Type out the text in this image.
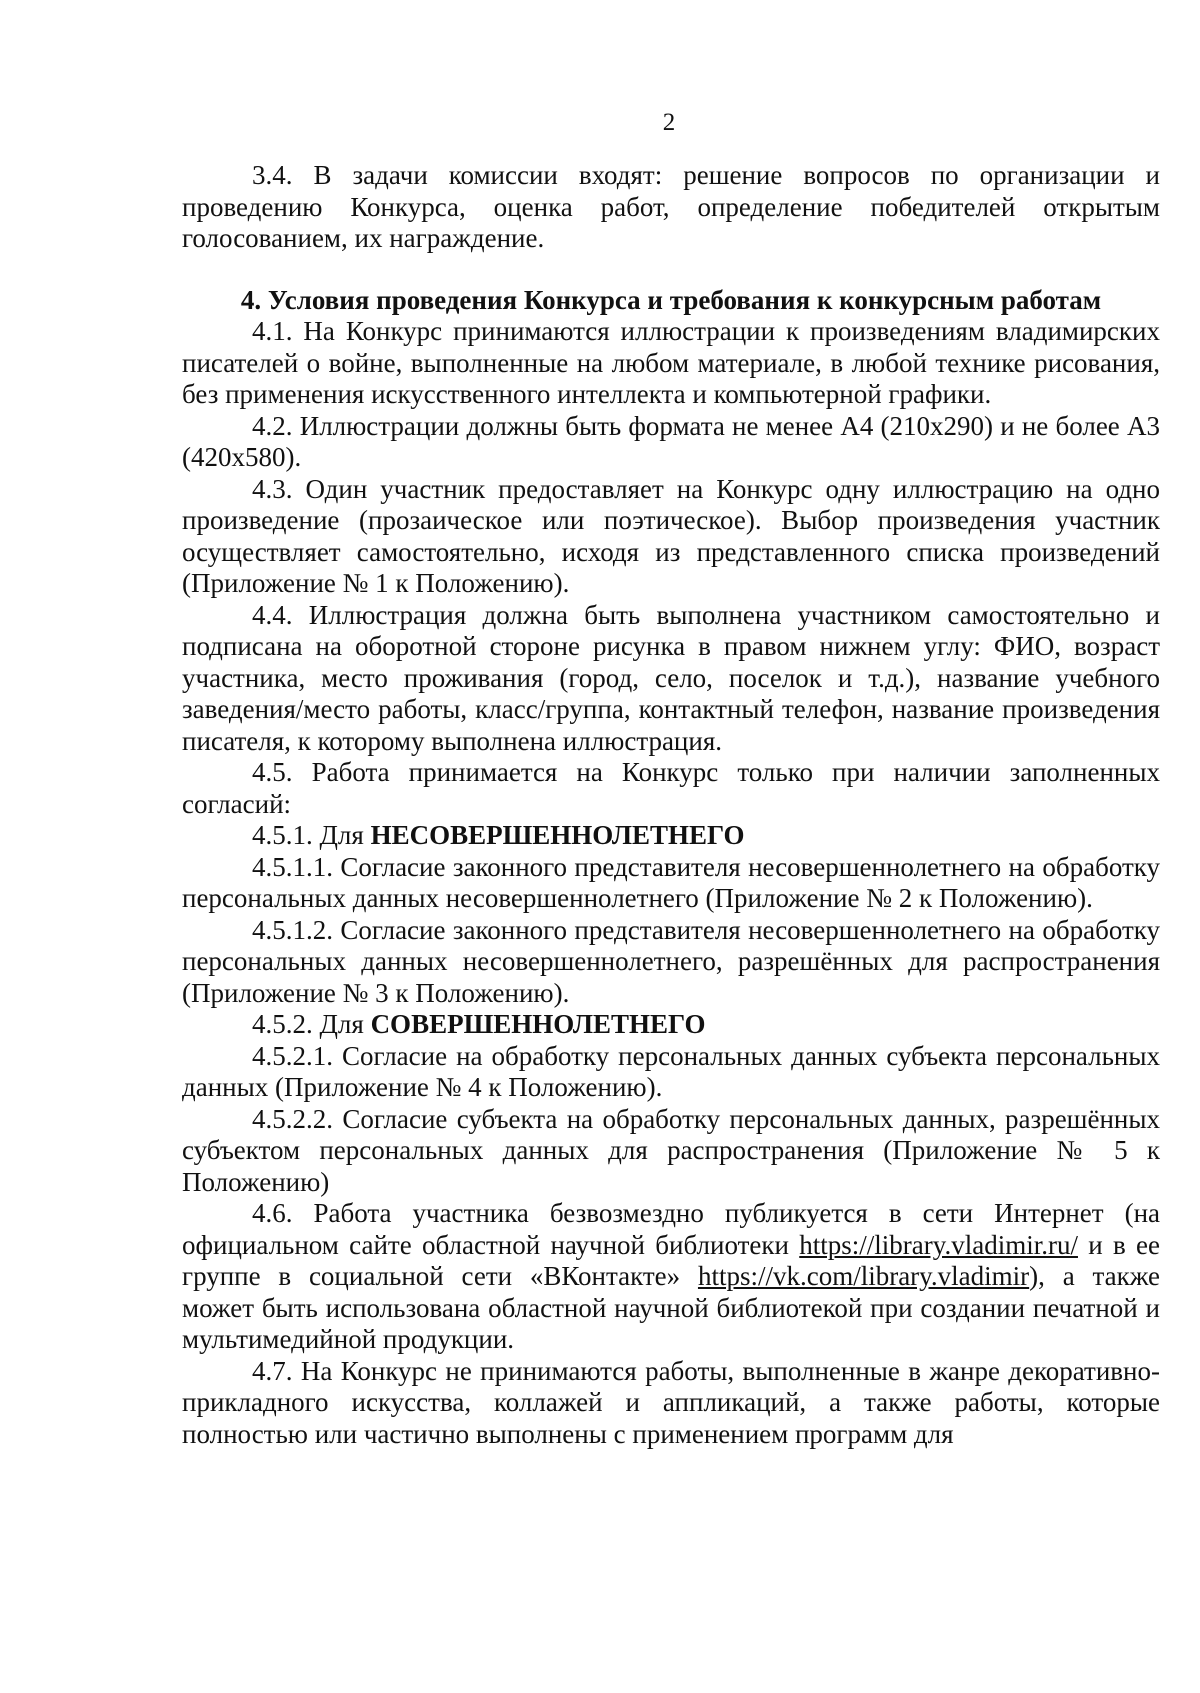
2

3.4. В задачи комиссии входят: решение вопросов по организации и проведению Конкурса, оценка работ, определение победителей открытым голосованием, их награждение.

4. Условия проведения Конкурса и требования к конкурсным работам

4.1. На Конкурс принимаются иллюстрации к произведениям владимирских писателей о войне, выполненные на любом материале, в любой технике рисования, без применения искусственного интеллекта и компьютерной графики.

4.2. Иллюстрации должны быть формата не менее А4 (210х290) и не более А3 (420х580).

4.3. Один участник предоставляет на Конкурс одну иллюстрацию на одно произведение (прозаическое или поэтическое). Выбор произведения участник осуществляет самостоятельно, исходя из представленного списка произведений (Приложение № 1 к Положению).

4.4. Иллюстрация должна быть выполнена участником самостоятельно и подписана на оборотной стороне рисунка в правом нижнем углу: ФИО, возраст участника, место проживания (город, село, поселок и т.д.), название учебного заведения/место работы, класс/группа, контактный телефон, название произведения писателя, к которому выполнена иллюстрация.

4.5. Работа принимается на Конкурс только при наличии заполненных согласий:

4.5.1. Для НЕСОВЕРШЕННОЛЕТНЕГО

4.5.1.1. Согласие законного представителя несовершеннолетнего на обработку персональных данных несовершеннолетнего (Приложение № 2 к Положению).

4.5.1.2. Согласие законного представителя несовершеннолетнего на обработку персональных данных несовершеннолетнего, разрешённых для распространения (Приложение № 3 к Положению).

4.5.2. Для СОВЕРШЕННОЛЕТНЕГО

4.5.2.1. Согласие на обработку персональных данных субъекта персональных данных (Приложение № 4 к Положению).

4.5.2.2. Согласие субъекта на обработку персональных данных, разрешённых субъектом персональных данных для распространения (Приложение № 5 к Положению)

4.6. Работа участника безвозмездно публикуется в сети Интернет (на официальном сайте областной научной библиотеки https://library.vladimir.ru/ и в ее группе в социальной сети «ВКонтакте» https://vk.com/library.vladimir), а также может быть использована областной научной библиотекой при создании печатной и мультимедийной продукции.

4.7. На Конкурс не принимаются работы, выполненные в жанре декоративно-прикладного искусства, коллажей и аппликаций, а также работы, которые полностью или частично выполнены с применением программ для
